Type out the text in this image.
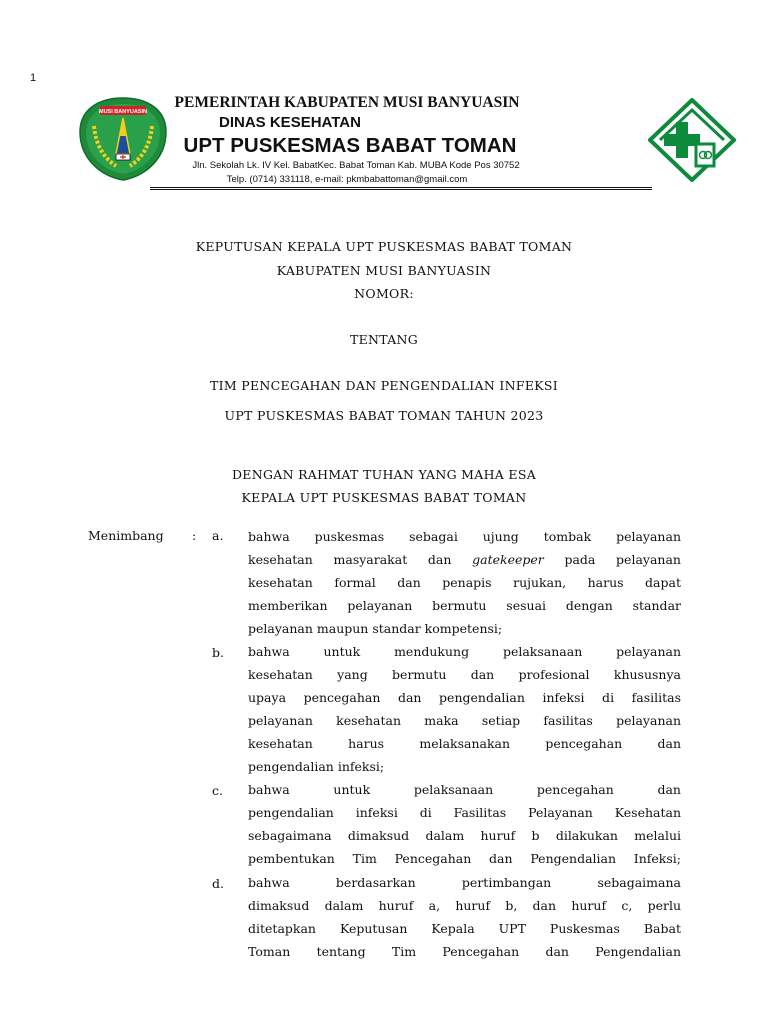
1
MUSI BANYUASIN
PEMERINTAH KABUPATEN MUSI BANYUASIN
DINAS KESEHATAN
UPT PUSKESMAS BABAT TOMAN
Jln. Sekolah Lk. IV Kel. BabatKec. Babat Toman Kab. MUBA Kode Pos 30752
Telp. (0714) 331118, e-mail: pkmbabattoman@gmail.com
KEPUTUSAN KEPALA UPT PUSKESMAS BABAT TOMAN
KABUPATEN MUSI BANYUASIN
NOMOR:
TENTANG
TIM PENCEGAHAN DAN PENGENDALIAN INFEKSI
UPT PUSKESMAS BABAT TOMAN TAHUN 2023
DENGAN RAHMAT TUHAN YANG MAHA ESA
KEPALA UPT PUSKESMAS BABAT TOMAN
Menimbang : a. bahwa puskesmas sebagai ujung tombak pelayanan
kesehatan masyarakat dan gatekeeper pada pelayanan
kesehatan formal dan penapis rujukan, harus dapat
memberikan pelayanan bermutu sesuai dengan standar
pelayanan maupun standar kompetensi;
b. bahwa untuk mendukung pelaksanaan pelayanan
kesehatan yang bermutu dan profesional khususnya
upaya pencegahan dan pengendalian infeksi di fasilitas
pelayanan kesehatan maka setiap fasilitas pelayanan
kesehatan harus melaksanakan pencegahan dan
pengendalian infeksi;
c. bahwa untuk pelaksanaan pencegahan dan
pengendalian infeksi di Fasilitas Pelayanan Kesehatan
sebagaimana dimaksud dalam huruf b dilakukan melalui
pembentukan Tim Pencegahan dan Pengendalian Infeksi;
d. bahwa berdasarkan pertimbangan sebagaimana
dimaksud dalam huruf a, huruf b, dan huruf c, perlu
ditetapkan Keputusan Kepala UPT Puskesmas Babat
Toman tentang Tim Pencegahan dan Pengendalian
